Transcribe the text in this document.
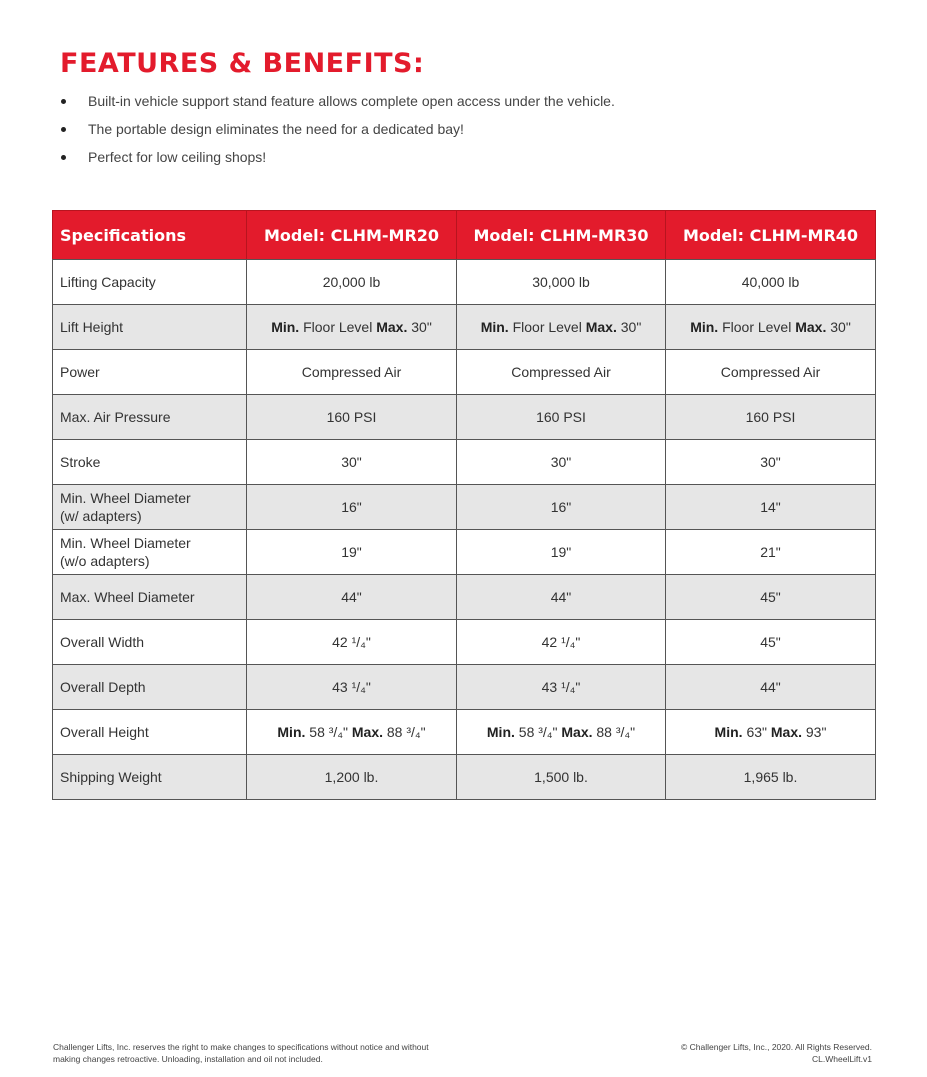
FEATURES & BENEFITS:
Built-in vehicle support stand feature allows complete open access under the vehicle.
The portable design eliminates the need for a dedicated bay!
Perfect for low ceiling shops!
Specifications	Model: CLHM-MR20	Model: CLHM-MR30	Model: CLHM-MR40
Lifting Capacity	20,000 lb	30,000 lb	40,000 lb
Lift Height	Min. Floor Level Max. 30"	Min. Floor Level Max. 30"	Min. Floor Level Max. 30"
Power	Compressed Air	Compressed Air	Compressed Air
Max. Air Pressure	160 PSI	160 PSI	160 PSI
Stroke	30"	30"	30"
Min. Wheel Diameter
(w/ adapters)	16"	16"	14"
Min. Wheel Diameter
(w/o adapters)	19"	19"	21"
Max. Wheel Diameter	44"	44"	45"
Overall Width	42 ¹/₄"	42 ¹/₄"	45"
Overall Depth	43 ¹/₄"	43 ¹/₄"	44"
Overall Height	Min. 58 ³/₄" Max. 88 ³/₄"	Min. 58 ³/₄" Max. 88 ³/₄"	Min. 63" Max. 93"
Shipping Weight	1,200 lb.	1,500 lb.	1,965 lb.
Challenger Lifts, Inc. reserves the right to make changes to specifications without notice and without
making changes retroactive. Unloading, installation and oil not included.
© Challenger Lifts, Inc., 2020. All Rights Reserved.
CL.WheelLift.v1
